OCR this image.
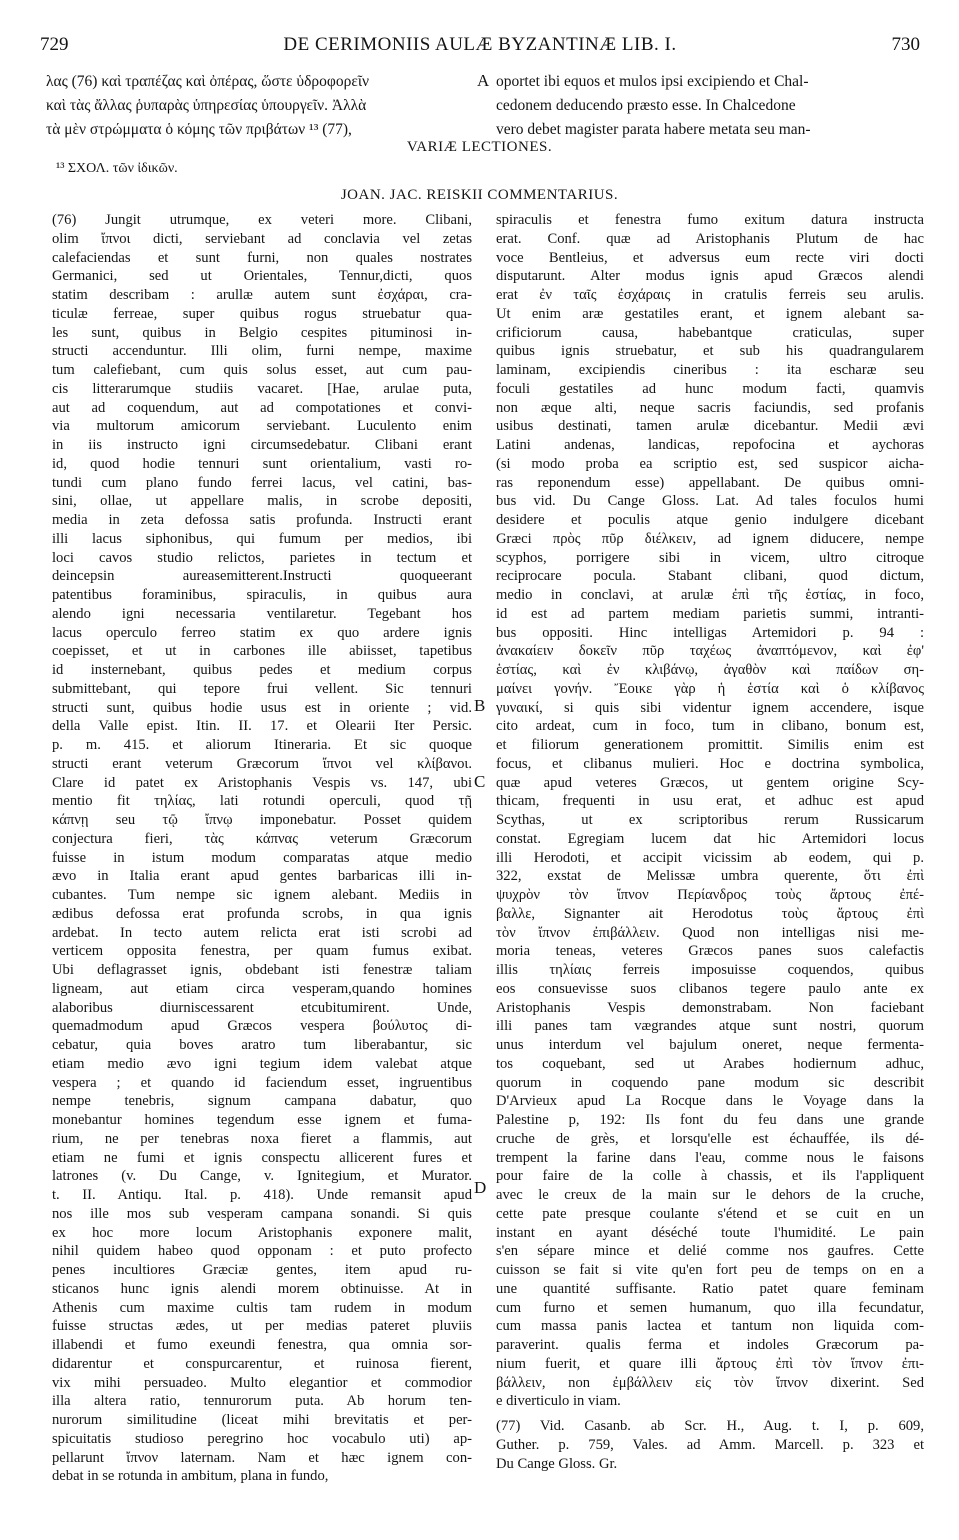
729	DE CERIMONIIS AULÆ BYZANTINÆ LIB. I.	730
λας (76) καὶ τραπέζας καὶ ὀπέρας, ὥστε ὑδροφορεῖν
καὶ τὰς ἄλλας ῥυπαρὰς ὑπηρεσίας ὑπουργεῖν. Ἀλλὰ
τὰ μὲν στρώμματα ὁ κόμης τῶν πριβάτων ¹³ (77),
oportet ibi equos et mulos ipsi excipiendo et Chal-
cedonem deducendo præsto esse. In Chalcedone
vero debet magister parata habere metata seu man-
A
B
C
D
VARIÆ LECTIONES.
¹³ ΣΧΟΛ. τῶν ἰδικῶν.
JOAN. JAC. REISKII COMMENTARIUS.
(76) Jungit utrumque, ex veteri more. Clibani,
olim ἴπνοι dicti, serviebant ad conclavia vel zetas
calefaciendas et sunt furni, non quales nostrates
Germanici, sed ut Orientales, Tennur,dicti, quos
statim describam : arullæ autem sunt ἐσχάραι, cra-
ticulæ ferreae, super quibus rogus struebatur qua-
les sunt, quibus in Belgio cespites pituminosi in-
structi accenduntur. Illi olim, furni nempe, maxime
tum calefiebant, cum quis solus esset, aut cum pau-
cis litterarumque studiis vacaret. [Hae, arulae puta,
aut ad coquendum, aut ad compotationes et convi-
via multorum amicorum serviebant. Luculento enim
in iis instructo igni circumsedebatur. Clibani erant
id, quod hodie tennuri sunt orientalium, vasti ro-
tundi cum plano fundo ferrei lacus, vel catini, bas-
sini, ollae, ut appellare malis, in scrobe depositi,
media in zeta defossa satis profunda. Instructi erant
illi lacus siphonibus, qui fumum per medios, ibi
loci cavos studio relictos, parietes in tectum et
deincepsin aureasemitterent.Instructi quoqueerant
patentibus foraminibus, spiraculis, in quibus aura
alendo igni necessaria ventilaretur. Tegebant hos
lacus operculo ferreo statim ex quo ardere ignis
coepisset, et ut in carbones ille abiisset, tapetibus
id insternebant, quibus pedes et medium corpus
submittebant, qui tepore frui vellent. Sic tennuri
structi sunt, quibus hodie usus est in oriente ; vid.
della Valle epist. Itin. II. 17. et Olearii Iter Persic.
p. m. 415. et aliorum Itineraria. Et sic quoque
structi erant veterum Græcorum ἴπνοι vel κλίβανοι.
Clare id patet ex Aristophanis Vespis vs. 147, ubi
mentio fit τηλίας, lati rotundi operculi, quod τῇ
κάπνῃ seu τῷ ἴπνῳ imponebatur. Posset quidem
conjectura fieri, τὰς κάπνας veterum Græcorum
fuisse in istum modum comparatas atque medio
ævo in Italia erant apud gentes barbaricas illi in-
cubantes. Tum nempe sic ignem alebant. Mediis in
ædibus defossa erat profunda scrobs, in qua ignis
ardebat. In tecto autem relicta erat isti scrobi ad
verticem opposita fenestra, per quam fumus exibat.
Ubi deflagrasset ignis, obdebant isti fenestræ taliam
ligneam, aut etiam circa vesperam,quando homines
alaboribus diurniscessarent etcubitumirent. Unde,
quemadmodum apud Græcos vespera βούλυτος di-
cebatur, quia boves aratro tum liberabantur, sic
etiam medio ævo igni tegium idem valebat atque
vespera ; et quando id faciendum esset, ingruentibus
nempe tenebris, signum campana dabatur, quo
monebantur homines tegendum esse ignem et fuma-
rium, ne per tenebras noxa fieret a flammis, aut
etiam ne fumi et ignis conspectu allicerent fures et
latrones (v. Du Cange, v. Ignitegium, et Murator.
t. II. Antiqu. Ital. p. 418). Unde remansit apud
nos ille mos sub vesperam campana sonandi. Si quis
ex hoc more locum Aristophanis exponere malit,
nihil quidem habeo quod opponam : et puto profecto
penes incultiores Græciæ gentes, item apud ru-
sticanos hunc ignis alendi morem obtinuisse. At in
Athenis cum maxime cultis tam rudem in modum
fuisse structas ædes, ut per medias pateret pluviis
illabendi et fumo exeundi fenestra, qua omnia sor-
didarentur et conspurcarentur, et ruinosa fierent,
vix mihi persuadeo. Multo elegantior et commodior
illa altera ratio, tennurorum puta. Ab horum ten-
nurorum similitudine (liceat mihi brevitatis et per-
spicuitatis studioso peregrino hoc vocabulo uti) ap-
pellarunt ἴπνον laternam. Nam et hæc ignem con-
debat in se rotunda in ambitum, plana in fundo,
spiraculis et fenestra fumo exitum datura instructa
erat. Conf. quæ ad Aristophanis Plutum de hac
voce Bentleius, et adversus eum recte viri docti
disputarunt. Alter modus ignis apud Græcos alendi
erat ἐν ταῖς ἐσχάραις in cratulis ferreis seu arulis.
Ut enim aræ gestatiles erant, et ignem alebant sa-
crificiorum causa, habebantque craticulas, super
quibus ignis struebatur, et sub his quadrangularem
laminam, excipiendis cineribus : ita escharæ seu
foculi gestatiles ad hunc modum facti, quamvis
non æque alti, neque sacris faciundis, sed profanis
usibus destinati, tamen arulæ dicebantur. Medii ævi
Latini andenas, landicas, repofocina et aychoras
(si modo proba ea scriptio est, sed suspicor aicha-
ras reponendum esse) appellabant. De quibus omni-
bus vid. Du Cange Gloss. Lat. Ad tales foculos humi
desidere et poculis atque genio indulgere dicebant
Græci πρὸς πῦρ διέλκειν, ad ignem diducere, nempe
scyphos, porrigere sibi in vicem, ultro citroque
reciprocare pocula. Stabant clibani, quod dictum,
medio in conclavi, at arulæ ἐπὶ τῆς ἑστίας, in foco,
id est ad partem mediam parietis summi, intranti-
bus oppositi. Hinc intelligas Artemidori p. 94 :
ἀνακαίειν δοκεῖν πῦρ ταχέως ἀναπτόμενον, καὶ ἐφ'
ἑστίας, καὶ ἐν κλιβάνῳ, ἀγαθὸν καὶ παίδων ση-
μαίνει γονήν. Ἔοικε γὰρ ἡ ἑστία καὶ ὁ κλίβανος
γυναικί, si quis sibi videntur ignem accendere, isque
cito ardeat, cum in foco, tum in clibano, bonum est,
et filiorum generationem promittit. Similis enim est
focus, et clibanus mulieri. Hoc e doctrina symbolica,
quæ apud veteres Græcos, ut gentem origine Scy-
thicam, frequenti in usu erat, et adhuc est apud
Scythas, ut ex scriptoribus rerum Russicarum
constat. Egregiam lucem dat hic Artemidori locus
illi Herodoti, et accipit vicissim ab eodem, qui p.
322, exstat de Melissæ umbra querente, ὅτι ἐπὶ
ψυχρὸν τὸν ἴπνον Περίανδρος τοὺς ἄρτους ἐπέ-
βαλλε, Signanter ait Herodotus τοὺς ἄρτους ἐπὶ
τὸν ἴπνον ἐπιβάλλειν. Quod non intelligas nisi me-
moria teneas, veteres Græcos panes suos calefactis
illis τηλίαις ferreis imposuisse coquendos, quibus
eos consuevisse suos clibanos tegere paulo ante ex
Aristophanis Vespis demonstrabam. Non faciebant
illi panes tam vægrandes atque sunt nostri, quorum
unus interdum vel bajulum oneret, neque fermenta-
tos coquebant, sed ut Arabes hodiernum adhuc,
quorum in coquendo pane modum sic describit
D'Arvieux apud La Rocque dans le Voyage dans la
Palestine p, 192: Ils font du feu dans une grande
cruche de grès, et lorsqu'elle est échauffée, ils dé-
trempent la farine dans l'eau, comme nous le faisons
pour faire de la colle à chassis, et ils l'appliquent
avec le creux de la main sur le dehors de la cruche,
cette pate presque coulante s'étend et se cuit en un
instant en ayant déséché toute l'humidité. Le pain
s'en sépare mince et delié comme nos gaufres. Cette
cuisson se fait si vite qu'en fort peu de temps on en a
une quantité suffisante. Ratio patet quare feminam
cum furno et semen humanum, quo illa fecundatur,
cum massa panis lactea et tantum non liquida com-
paraverint. qualis ferma et indoles Græcorum pa-
nium fuerit, et quare illi ἄρτους ἐπὶ τὸν ἴπνον ἐπι-
βάλλειν, non ἐμβάλλειν εἰς τὸν ἴπνον dixerint. Sed
e diverticulo in viam.
(77) Vid. Casanb. ab Scr. H., Aug. t. I, p. 609,
Guther. p. 759, Vales. ad Amm. Marcell. p. 323 et
Du Cange Gloss. Gr.
